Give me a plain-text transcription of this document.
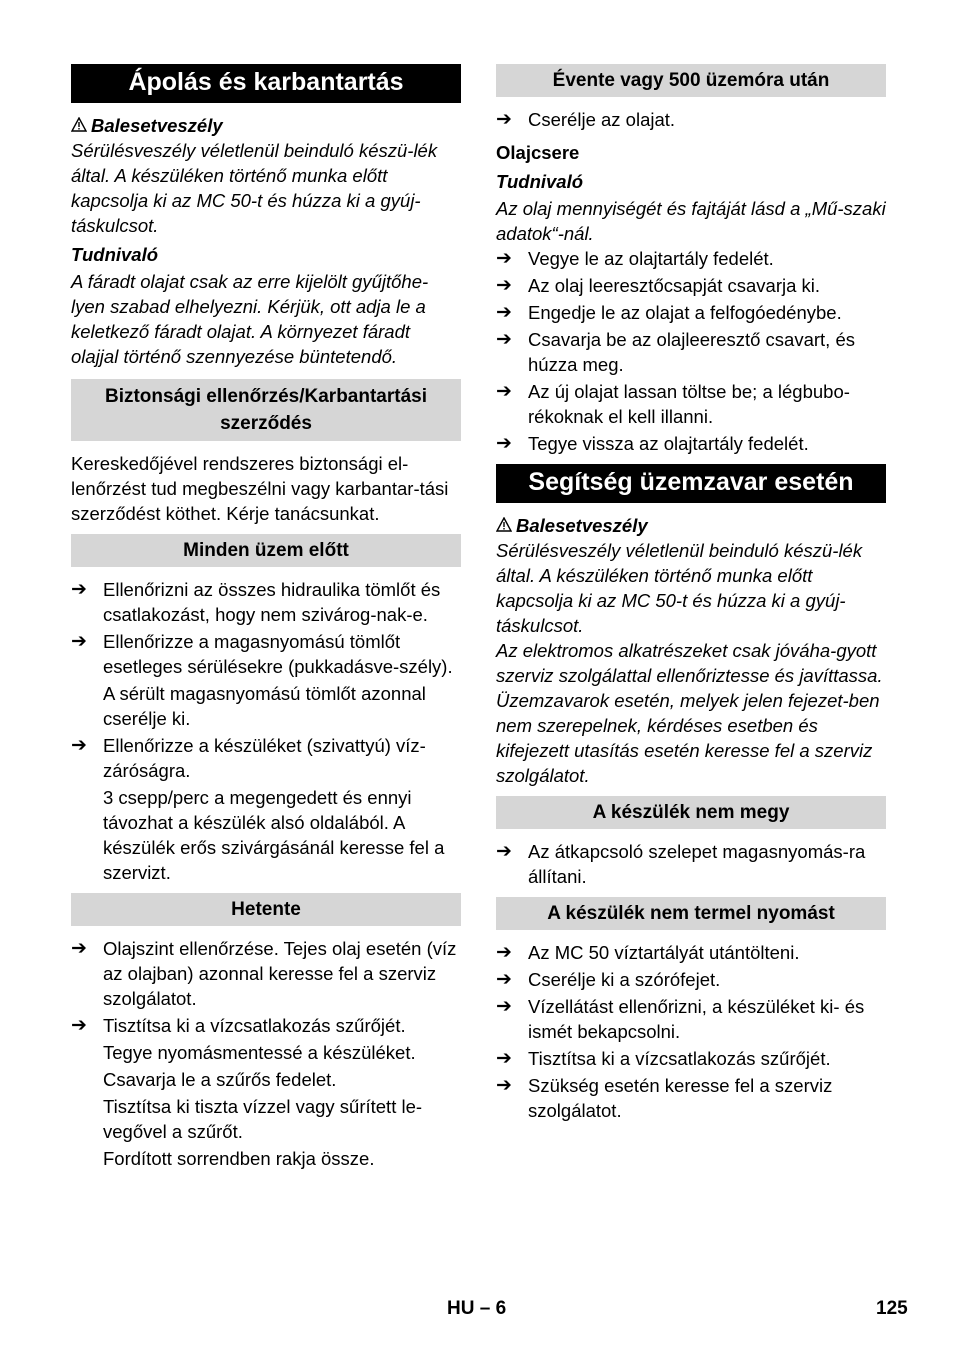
Ápolás és karbantartás

Balesetveszély

Sérülésveszély véletlenül beinduló készü-lék által. A készüléken történő munka előtt kapcsolja ki az MC 50-t és húzza ki a gyúj-táskulcsot.

Tudnivaló

A fáradt olajat csak az erre kijelölt gyűjtőhe-lyen szabad elhelyezni. Kérjük, ott adja le a keletkező fáradt olajat. A környezet fáradt olajjal történő szennyezése büntetendő.

Biztonsági ellenőrzés/Karbantartási szerződés

Kereskedőjével rendszeres biztonsági el-lenőrzést tud megbeszélni vagy karbantar-tási szerződést köthet. Kérje tanácsunkat.

Minden üzem előtt

➔ Ellenőrizni az összes hidraulika tömlőt és csatlakozást, hogy nem szivárog-nak-e.

➔ Ellenőrizze a magasnyomású tömlőt esetleges sérülésekre (pukkadásve-szély).

A sérült magasnyomású tömlőt azonnal cserélje ki.

➔ Ellenőrizze a készüléket (szivattyú) víz-záróságra.

3 csepp/perc a megengedett és ennyi távozhat a készülék alsó oldalából. A készülék erős szivárgásánál keresse fel a szervizt.

Hetente

➔ Olajszint ellenőrzése. Tejes olaj esetén (víz az olajban) azonnal keresse fel a szerviz szolgálatot.

➔ Tisztítsa ki a vízcsatlakozás szűrőjét.

Tegye nyomásmentessé a készüléket.

Csavarja le a szűrős fedelet.

Tisztítsa ki tiszta vízzel vagy sűrített le-vegővel a szűrőt.

Fordított sorrendben rakja össze.

Évente vagy 500 üzemóra után

➔ Cserélje az olajat.

Olajcsere

Tudnivaló

Az olaj mennyiségét és fajtáját lásd a „Mű-szaki adatok“-nál.

➔ Vegye le az olajtartály fedelét.

➔ Az olaj leeresztőcsapját csavarja ki.

➔ Engedje le az olajat a felfogóedénybe.

➔ Csavarja be az olajleeresztő csavart, és húzza meg.

➔ Az új olajat lassan töltse be; a légbubo-rékoknak el kell illanni.

➔ Tegye vissza az olajtartály fedelét.

Segítség üzemzavar esetén

Balesetveszély

Sérülésveszély véletlenül beinduló készü-lék által. A készüléken történő munka előtt kapcsolja ki az MC 50-t és húzza ki a gyúj-táskulcsot.

Az elektromos alkatrészeket csak jóváha-gyott szerviz szolgálattal ellenőriztesse és javíttassa.

Üzemzavarok esetén, melyek jelen fejezet-ben nem szerepelnek, kérdéses esetben és kifejezett utasítás esetén keresse fel a szerviz szolgálatot.

A készülék nem megy

➔ Az átkapcsoló szelepet magasnyomás-ra állítani.

A készülék nem termel nyomást

➔ Az MC 50 víztartályát utántölteni.

➔ Cserélje ki a szórófejet.

➔ Vízellátást ellenőrizni, a készüléket ki- és ismét bekapcsolni.

➔ Tisztítsa ki a vízcsatlakozás szűrőjét.

➔ Szükség esetén keresse fel a szerviz szolgálatot.

HU – 6	125
